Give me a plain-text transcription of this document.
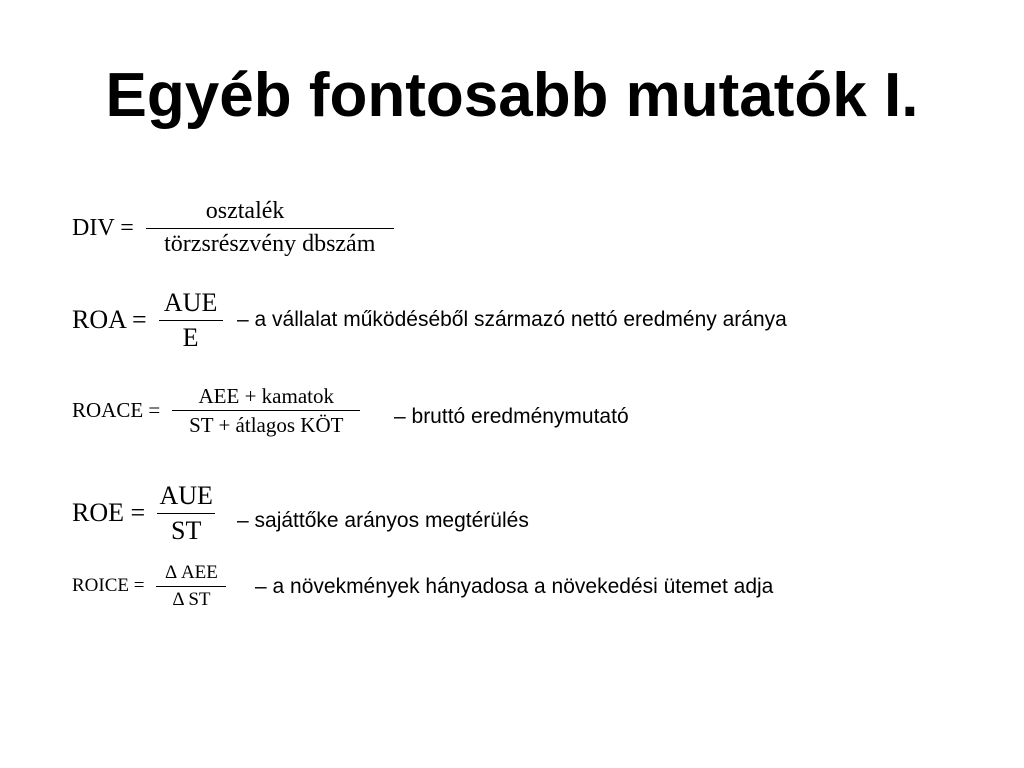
Egyéb fontosabb mutatók I.
DIV = $\frac{\text{osztalék}}{\text{törzsrészvény dbszám}}$
ROA = $\frac{\text{AUE}}{E}$ – a vállalat működéséből származó nettó eredmény aránya
ROACE = $\frac{\text{AEE + kamatok}}{\text{ST + átlagos KÖT}}$ – bruttó eredménymutató
ROE = $\frac{\text{AUE}}{ST}$ – sajáttőke arányos megtérülés
ROICE = $\frac{\text{Δ AEE}}{\text{Δ ST}}$ – a növekmények hányadosa a növekedési ütemet adja
